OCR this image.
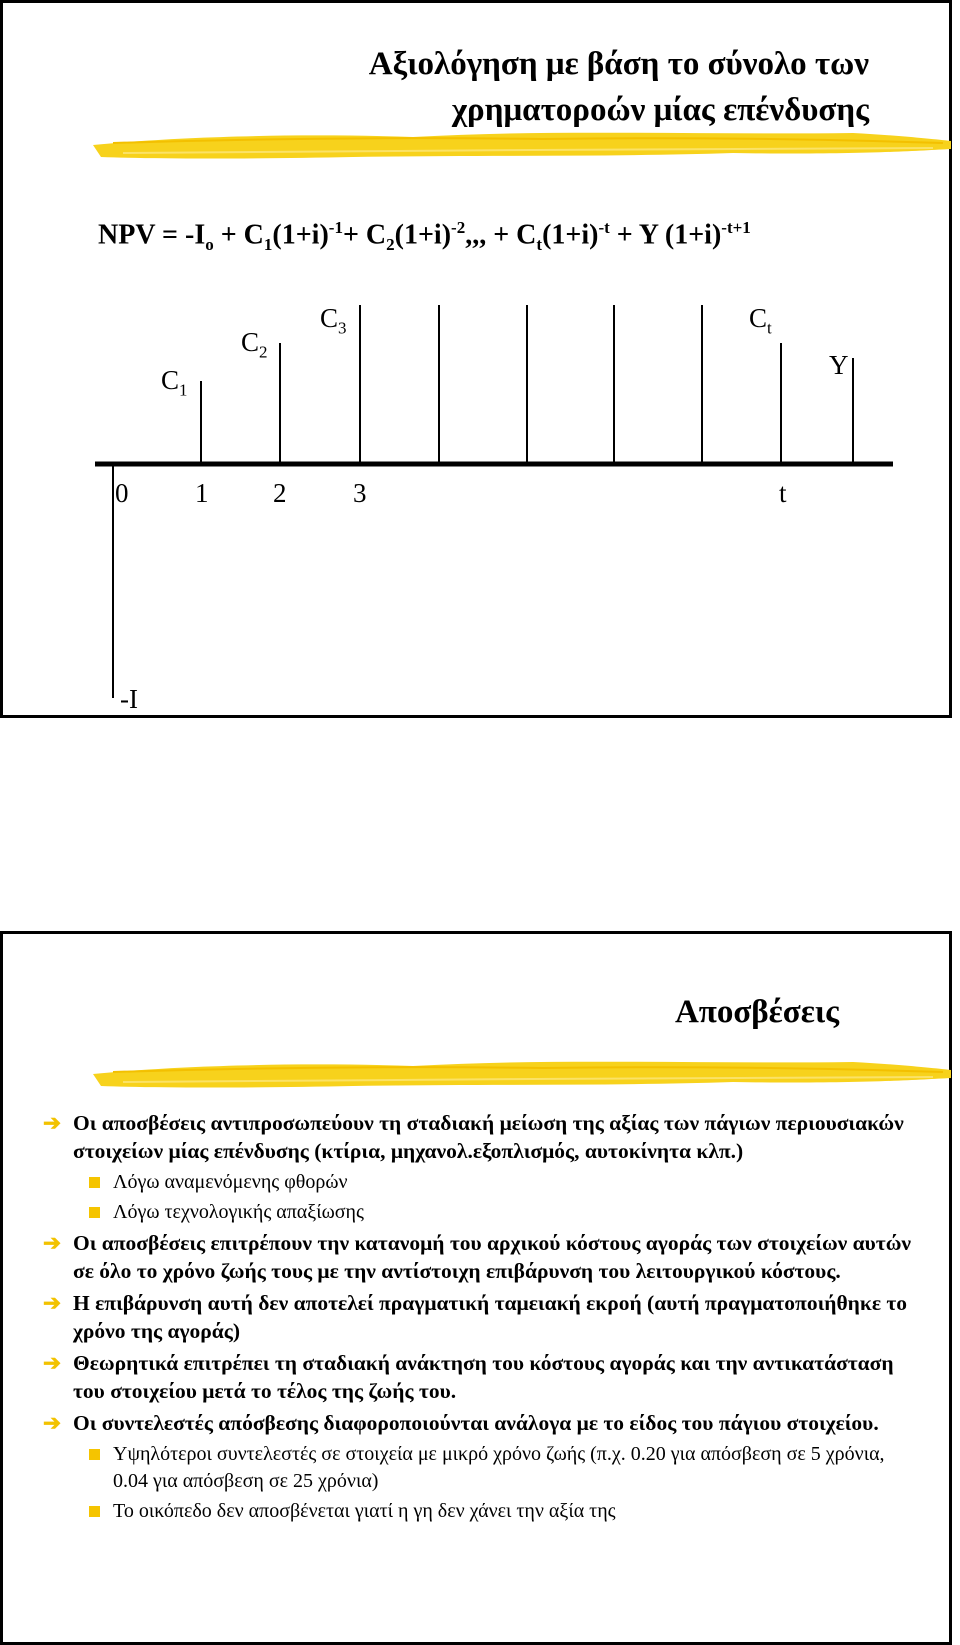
Αξιολόγηση με βάση το σύνολο των
χρηματοροών μίας επένδυσης
NPV = $-I_o + C_1(1+i)^{-1}+ C_2(1+i)^{-2}$,,, + $C_t(1+i)^{-t} + Y$ $(1+i)^{-t+1}$
$C_1$
$C_2$
$C_3$	$C_t$
Y
0 1 2 3	t
-I
Αποσβέσεις
➔ Οι αποσβέσεις αντιπροσωπεύουν τη σταδιακή μείωση της αξίας των πάγιων περιουσιακών στοιχείων μίας επένδυσης (κτίρια, μηχανολ.εξοπλισμός, αυτοκίνητα κλπ.)
Λόγω αναμενόμενης φθορών
Λόγω τεχνολογικής απαξίωσης
➔ Οι αποσβέσεις επιτρέπουν την κατανομή του αρχικού κόστους αγοράς των στοιχείων αυτών σε όλο το χρόνο ζωής τους με την αντίστοιχη επιβάρυνση του λειτουργικού κόστους.
➔ Η επιβάρυνση αυτή δεν αποτελεί πραγματική ταμειακή εκροή (αυτή πραγματοποιήθηκε το χρόνο της αγοράς)
➔ Θεωρητικά επιτρέπει τη σταδιακή ανάκτηση του κόστους αγοράς και την αντικατάσταση του στοιχείου μετά το τέλος της ζωής του.
➔ Οι συντελεστές απόσβεσης διαφοροποιούνται ανάλογα με το είδος του πάγιου στοιχείου.
Υψηλότεροι συντελεστές σε στοιχεία με μικρό χρόνο ζωής (π.χ. 0.20 για απόσβεση σε 5 χρόνια, 0.04 για απόσβεση σε 25 χρόνια)
Το οικόπεδο δεν αποσβένεται γιατί η γη δεν χάνει την αξία της
